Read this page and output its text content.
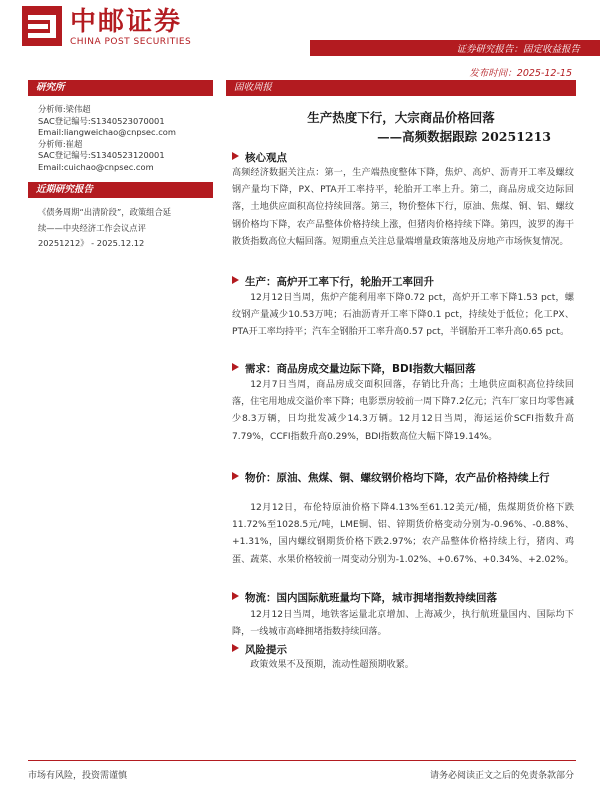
中邮证券
CHINA POST SECURITIES
证券研究报告：固定收益报告
发布时间：2025-12-15
研究所
分析师:梁伟超
SAC登记编号:S1340523070001
Email:liangweichao@cnpsec.com
分析师:崔超
SAC登记编号:S1340523120001
Email:cuichao@cnpsec.com
近期研究报告
《债务周期“出清阶段”，政策组合延
续——中央经济工作会议点评
20251212》 - 2025.12.12
固收周报
生产热度下行，大宗商品价格回落
——高频数据跟踪 20251213
核心观点
高频经济数据关注点：第一，生产端热度整体下降，焦炉、高炉、沥青开工率及螺纹钢产量均下降，PX、PTA开工率持平，轮胎开工率上升。第二，商品房成交边际回落，土地供应面积高位持续回落。第三，物价整体下行，原油、焦煤、铜、铝、螺纹钢价格均下降，农产品整体价格持续上涨，但猪肉价格持续下降。第四，波罗的海干散货指数高位大幅回落。短期重点关注总量端增量政策落地及房地产市场恢复情况。
生产：高炉开工率下行，轮胎开工率回升
12月12日当周，焦炉产能利用率下降0.72 pct，高炉开工率下降1.53 pct，螺纹钢产量减少10.53万吨；石油沥青开工率下降0.1 pct，持续处于低位；化工PX、PTA开工率均持平；汽车全钢胎开工率升高0.57 pct，半钢胎开工率升高0.65 pct。
需求：商品房成交量边际下降，BDI指数大幅回落
12月7日当周，商品房成交面积回落，存销比升高；土地供应面积高位持续回落，住宅用地成交溢价率下降；电影票房较前一周下降7.2亿元；汽车厂家日均零售减少8.3万辆，日均批发减少14.3万辆。12月12日当周，海运运价SCFI指数升高7.79%，CCFI指数升高0.29%，BDI指数高位大幅下降19.14%。
物价：原油、焦煤、铜、螺纹钢价格均下降，农产品价格持续上行
12月12日，布伦特原油价格下降4.13%至61.12美元/桶，焦煤期货价格下跌11.72%至1028.5元/吨，LME铜、铝、锌期货价格变动分别为-0.96%、-0.88%、+1.31%，国内螺纹钢期货价格下跌2.97%；农产品整体价格持续上行，猪肉、鸡蛋、蔬菜、水果价格较前一周变动分别为-1.02%、+0.67%、+0.34%、+2.02%。
物流：国内国际航班量均下降，城市拥堵指数持续回落
12月12日当周，地铁客运量北京增加、上海减少，执行航班量国内、国际均下降，一线城市高峰拥堵指数持续回落。
风险提示
政策效果不及预期，流动性超预期收紧。
市场有风险，投资需谨慎	请务必阅读正文之后的免责条款部分
